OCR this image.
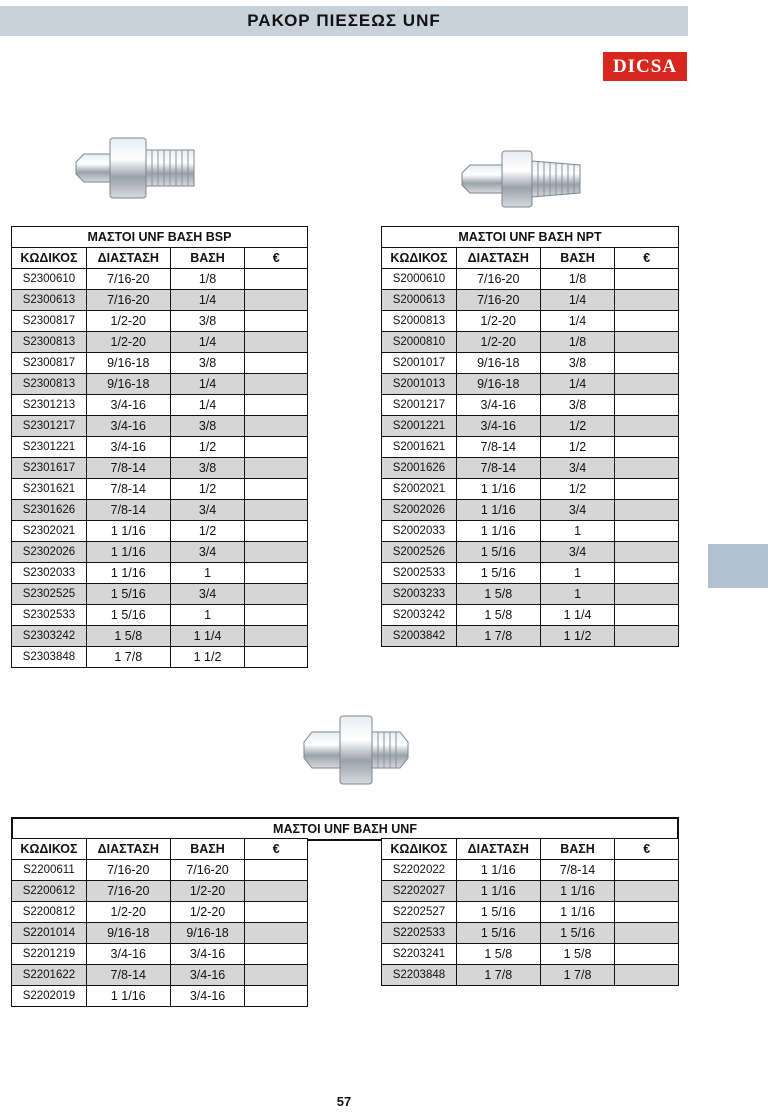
ΡΑΚΟΡ ΠΙΕΣΕΩΣ UNF
DICSA
ΜΑΣΤΟΙ UNF ΒΑΣΗ BSP			
ΚΩΔΙΚΟΣ	ΔΙΑΣΤΑΣΗ	ΒΑΣΗ	€
S2300610	7/16-20	1/8	
S2300613	7/16-20	1/4	
S2300817	1/2-20	3/8	
S2300813	1/2-20	1/4	
S2300817	9/16-18	3/8	
S2300813	9/16-18	1/4	
S2301213	3/4-16	1/4	
S2301217	3/4-16	3/8	
S2301221	3/4-16	1/2	
S2301617	7/8-14	3/8	
S2301621	7/8-14	1/2	
S2301626	7/8-14	3/4	
S2302021	1 1/16	1/2	
S2302026	1 1/16	3/4	
S2302033	1 1/16	1	
S2302525	1 5/16	3/4	
S2302533	1 5/16	1	
S2303242	1 5/8	1 1/4	
S2303848	1 7/8	1 1/2	
ΜΑΣΤΟΙ UNF ΒΑΣΗ NPT			
ΚΩΔΙΚΟΣ	ΔΙΑΣΤΑΣΗ	ΒΑΣΗ	€
S2000610	7/16-20	1/8	
S2000613	7/16-20	1/4	
S2000813	1/2-20	1/4	
S2000810	1/2-20	1/8	
S2001017	9/16-18	3/8	
S2001013	9/16-18	1/4	
S2001217	3/4-16	3/8	
S2001221	3/4-16	1/2	
S2001621	7/8-14	1/2	
S2001626	7/8-14	3/4	
S2002021	1 1/16	1/2	
S2002026	1 1/16	3/4	
S2002033	1 1/16	1	
S2002526	1 5/16	3/4	
S2002533	1 5/16	1	
S2003233	1 5/8	1	
S2003242	1 5/8	1 1/4	
S2003842	1 7/8	1 1/2	
ΜΑΣΤΟΙ UNF ΒΑΣΗ UNF
ΚΩΔΙΚΟΣ	ΔΙΑΣΤΑΣΗ	ΒΑΣΗ	€
S2200611	7/16-20	7/16-20	
S2200612	7/16-20	1/2-20	
S2200812	1/2-20	1/2-20	
S2201014	9/16-18	9/16-18	
S2201219	3/4-16	3/4-16	
S2201622	7/8-14	3/4-16	
S2202019	1 1/16	3/4-16	
ΚΩΔΙΚΟΣ	ΔΙΑΣΤΑΣΗ	ΒΑΣΗ	€
S2202022	1 1/16	7/8-14	
S2202027	1 1/16	1 1/16	
S2202527	1 5/16	1 1/16	
S2202533	1 5/16	1 5/16	
S2203241	1 5/8	1 5/8	
S2203848	1 7/8	1 7/8	
57
